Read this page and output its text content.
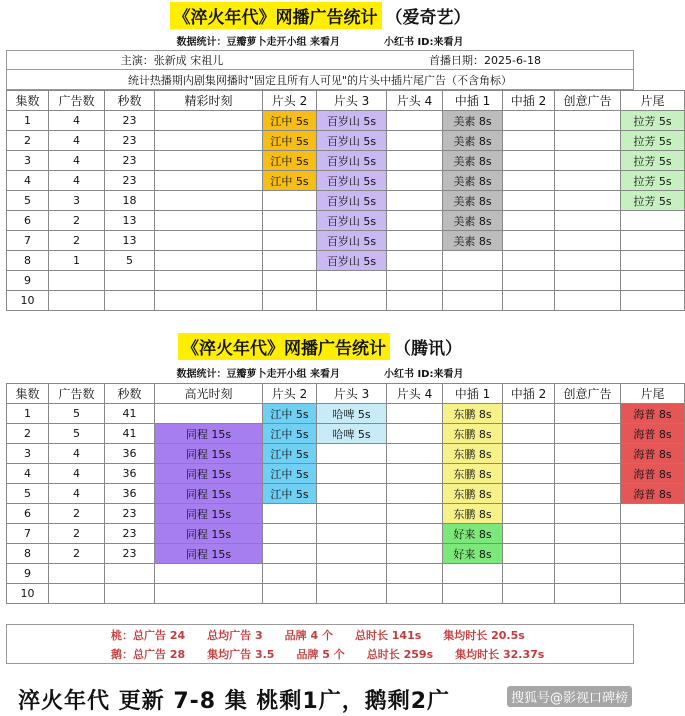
《淬火年代》网播广告统计 （爱奇艺）
数据统计：豆瓣萝卜走开小组 来看月	小红书 ID:来看月
主演：张新成 宋祖儿	首播日期：2025-6-18
统计热播期内剧集网播时"固定且所有人可见"的片头中插片尾广告（不含角标）
集数	广告数	秒数	精彩时刻	片头 2	片头 3	片头 4	中插 1	中插 2	创意广告	片尾
1	4	23		江中 5s	百岁山 5s		美素 8s			拉芳 5s
2	4	23		江中 5s	百岁山 5s		美素 8s			拉芳 5s
3	4	23		江中 5s	百岁山 5s		美素 8s			拉芳 5s
4	4	23		江中 5s	百岁山 5s		美素 8s			拉芳 5s
5	3	18			百岁山 5s		美素 8s			拉芳 5s
6	2	13			百岁山 5s		美素 8s			
7	2	13			百岁山 5s		美素 8s			
8	1	5			百岁山 5s					
9										
10										
《淬火年代》网播广告统计 （腾讯）
数据统计：豆瓣萝卜走开小组 来看月	小红书 ID:来看月
集数	广告数	秒数	高光时刻	片头 2	片头 3	片头 4	中插 1	中插 2	创意广告	片尾
1	5	41		江中 5s	哈啤 5s		东鹏 8s			海普 8s
2	5	41	同程 15s	江中 5s	哈啤 5s		东鹏 8s			海普 8s
3	4	36	同程 15s	江中 5s			东鹏 8s			海普 8s
4	4	36	同程 15s	江中 5s			东鹏 8s			海普 8s
5	4	36	同程 15s	江中 5s			东鹏 8s			海普 8s
6	2	23	同程 15s				东鹏 8s			
7	2	23	同程 15s				好来 8s			
8	2	23	同程 15s				好来 8s			
9										
10										
桃：总广告 24 总均广告 3 品牌 4 个 总时长 141s 集均时长 20.5s
鹅：总广告 28 集均广告 3.5 品牌 5 个 总时长 259s 集均时长 32.37s
淬火年代 更新 7-8 集 桃剩1广，鹅剩2广	搜狐号@影视口碑榜
